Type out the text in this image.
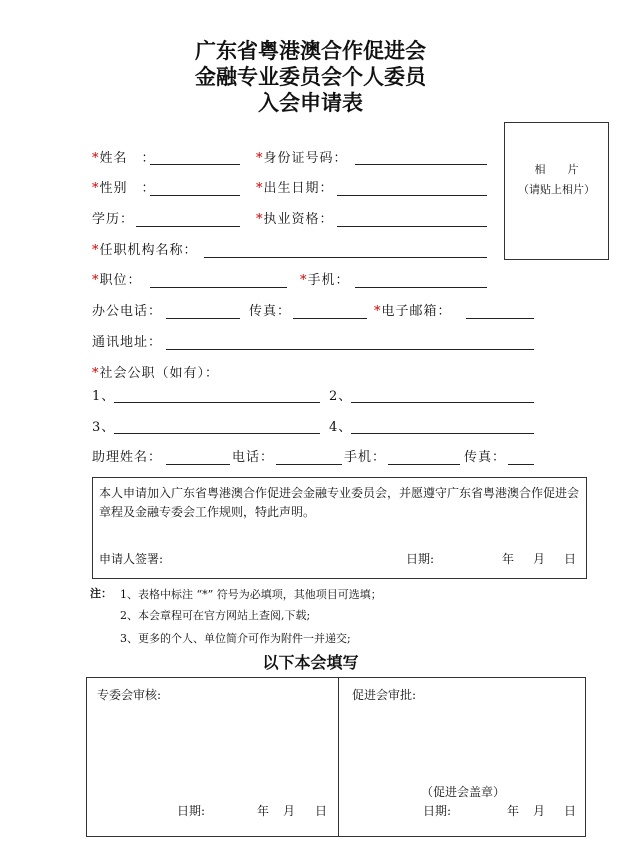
广东省粤港澳合作促进会
金融专业委员会个人委员
入会申请表
相　　片
（请贴上相片）
*姓名　：	*身份证号码：
*性别　：	*出生日期：
学历：	*执业资格：
*任职机构名称：
*职位：	*手机：
办公电话：	传真：	*电子邮箱：
通讯地址：
*社会公职（如有）：
1、	2、
3、	4、
助理姓名：	电话：	手机：	传真：
本人申请加入广东省粤港澳合作促进会金融专业委员会，并愿遵守广东省粤港澳合作促进会章程及金融专委会工作规则，特此声明。
申请人签署:	日期:	年 月 日
注： 1、表格中标注 “*” 符号为必填项，其他项目可选填；
2、本会章程可在官方网站上查阅,下载;
3、更多的个人、单位简介可作为附件一并递交;
以下本会填写
专委会审核:	促进会审批:
日期:	年 月 日
（促进会盖章）
日期:	年 月 日
